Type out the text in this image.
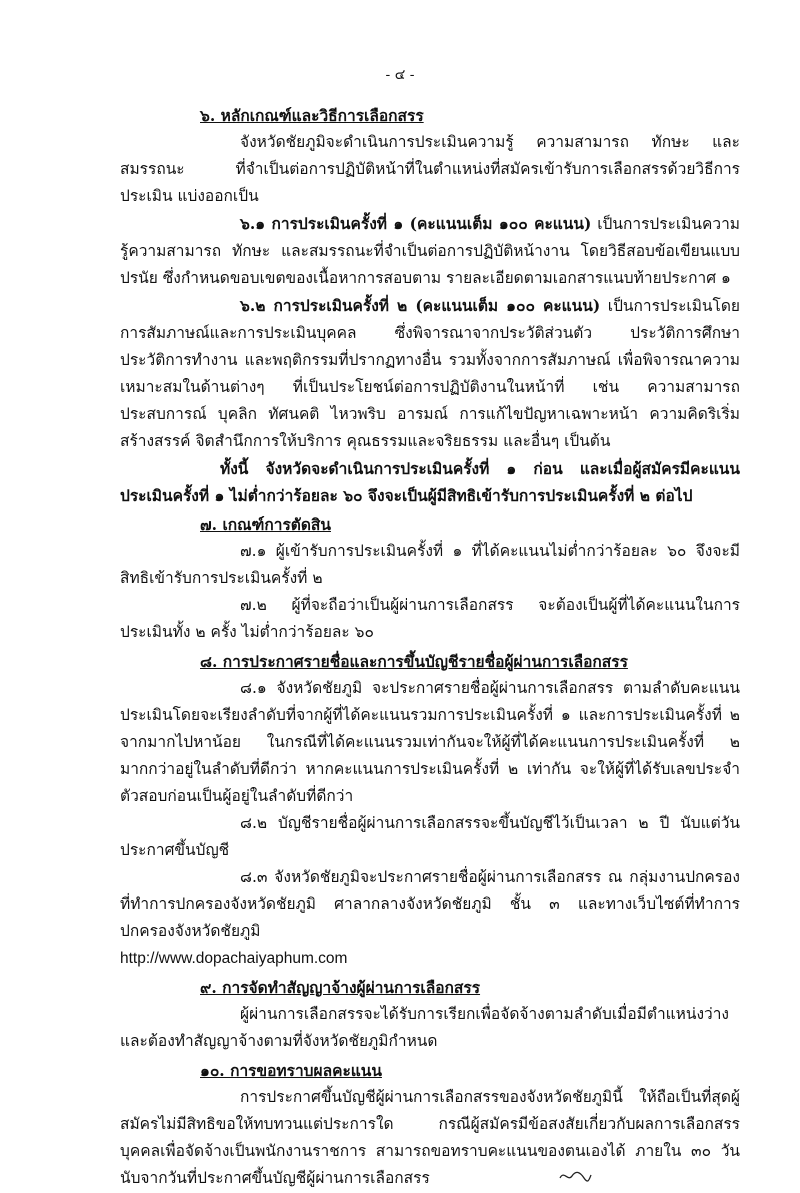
- ๔ -
๖. หลักเกณฑ์และวิธีการเลือกสรร
จังหวัดชัยภูมิจะดำเนินการประเมินความรู้ ความสามารถ ทักษะ และสมรรถนะ ที่จำเป็นต่อการปฏิบัติหน้าที่ในตำแหน่งที่สมัครเข้ารับการเลือกสรรด้วยวิธีการประเมิน แบ่งออกเป็น
๖.๑ การประเมินครั้งที่ ๑ (คะแนนเต็ม ๑๐๐ คะแนน) เป็นการประเมินความรู้ความสามารถ ทักษะ และสมรรถนะที่จำเป็นต่อการปฏิบัติหน้างาน โดยวิธีสอบข้อเขียนแบบปรนัย ซึ่งกำหนดขอบเขตของเนื้อหาการสอบตาม รายละเอียดตามเอกสารแนบท้ายประกาศ ๑
๖.๒ การประเมินครั้งที่ ๒ (คะแนนเต็ม ๑๐๐ คะแนน) เป็นการประเมินโดยการสัมภาษณ์และการประเมินบุคคล ซึ่งพิจารณาจากประวัติส่วนตัว ประวัติการศึกษา ประวัติการทำงาน และพฤติกรรมที่ปรากฏทางอื่น รวมทั้งจากการสัมภาษณ์ เพื่อพิจารณาความเหมาะสมในด้านต่างๆ ที่เป็นประโยชน์ต่อการปฏิบัติงานในหน้าที่ เช่น ความสามารถ ประสบการณ์ บุคลิก ทัศนคติ ไหวพริบ อารมณ์ การแก้ไขปัญหาเฉพาะหน้า ความคิดริเริ่มสร้างสรรค์ จิตสำนึกการให้บริการ คุณธรรมและจริยธรรม และอื่นๆ เป็นต้น
ทั้งนี้ จังหวัดจะดำเนินการประเมินครั้งที่ ๑ ก่อน และเมื่อผู้สมัครมีคะแนนประเมินครั้งที่ ๑ ไม่ต่ำกว่าร้อยละ ๖๐ จึงจะเป็นผู้มีสิทธิเข้ารับการประเมินครั้งที่ ๒ ต่อไป
๗. เกณฑ์การตัดสิน
๗.๑ ผู้เข้ารับการประเมินครั้งที่ ๑ ที่ได้คะแนนไม่ต่ำกว่าร้อยละ ๖๐ จึงจะมีสิทธิเข้ารับการประเมินครั้งที่ ๒
๗.๒ ผู้ที่จะถือว่าเป็นผู้ผ่านการเลือกสรร จะต้องเป็นผู้ที่ได้คะแนนในการประเมินทั้ง ๒ ครั้ง ไม่ต่ำกว่าร้อยละ ๖๐
๘. การประกาศรายชื่อและการขึ้นบัญชีรายชื่อผู้ผ่านการเลือกสรร
๘.๑ จังหวัดชัยภูมิ จะประกาศรายชื่อผู้ผ่านการเลือกสรร ตามลำดับคะแนนประเมินโดยจะเรียงลำดับที่จากผู้ที่ได้คะแนนรวมการประเมินครั้งที่ ๑ และการประเมินครั้งที่ ๒ จากมากไปหาน้อย ในกรณีที่ได้คะแนนรวมเท่ากันจะให้ผู้ที่ได้คะแนนการประเมินครั้งที่ ๒ มากกว่าอยู่ในลำดับที่ดีกว่า หากคะแนนการประเมินครั้งที่ ๒ เท่ากัน จะให้ผู้ที่ได้รับเลขประจำตัวสอบก่อนเป็นผู้อยู่ในลำดับที่ดีกว่า
๘.๒ บัญชีรายชื่อผู้ผ่านการเลือกสรรจะขึ้นบัญชีไว้เป็นเวลา ๒ ปี นับแต่วันประกาศขึ้นบัญชี
๘.๓ จังหวัดชัยภูมิจะประกาศรายชื่อผู้ผ่านการเลือกสรร ณ กลุ่มงานปกครอง ที่ทำการปกครองจังหวัดชัยภูมิ ศาลากลางจังหวัดชัยภูมิ ชั้น ๓ และทางเว็บไซต์ที่ทำการปกครองจังหวัดชัยภูมิ
http://www.dopachaiyaphum.com
๙. การจัดทำสัญญาจ้างผู้ผ่านการเลือกสรร
ผู้ผ่านการเลือกสรรจะได้รับการเรียกเพื่อจัดจ้างตามลำดับเมื่อมีตำแหน่งว่างและต้องทำสัญญาจ้างตามที่จังหวัดชัยภูมิกำหนด
๑๐. การขอทราบผลคะแนน
การประกาศขึ้นบัญชีผู้ผ่านการเลือกสรรของจังหวัดชัยภูมินี้ ให้ถือเป็นที่สุดผู้สมัครไม่มีสิทธิขอให้ทบทวนแต่ประการใด กรณีผู้สมัครมีข้อสงสัยเกี่ยวกับผลการเลือกสรรบุคคลเพื่อจัดจ้างเป็นพนักงานราชการ สามารถขอทราบคะแนนของตนเองได้ ภายใน ๓๐ วัน นับจากวันที่ประกาศขึ้นบัญชีผู้ผ่านการเลือกสรร
